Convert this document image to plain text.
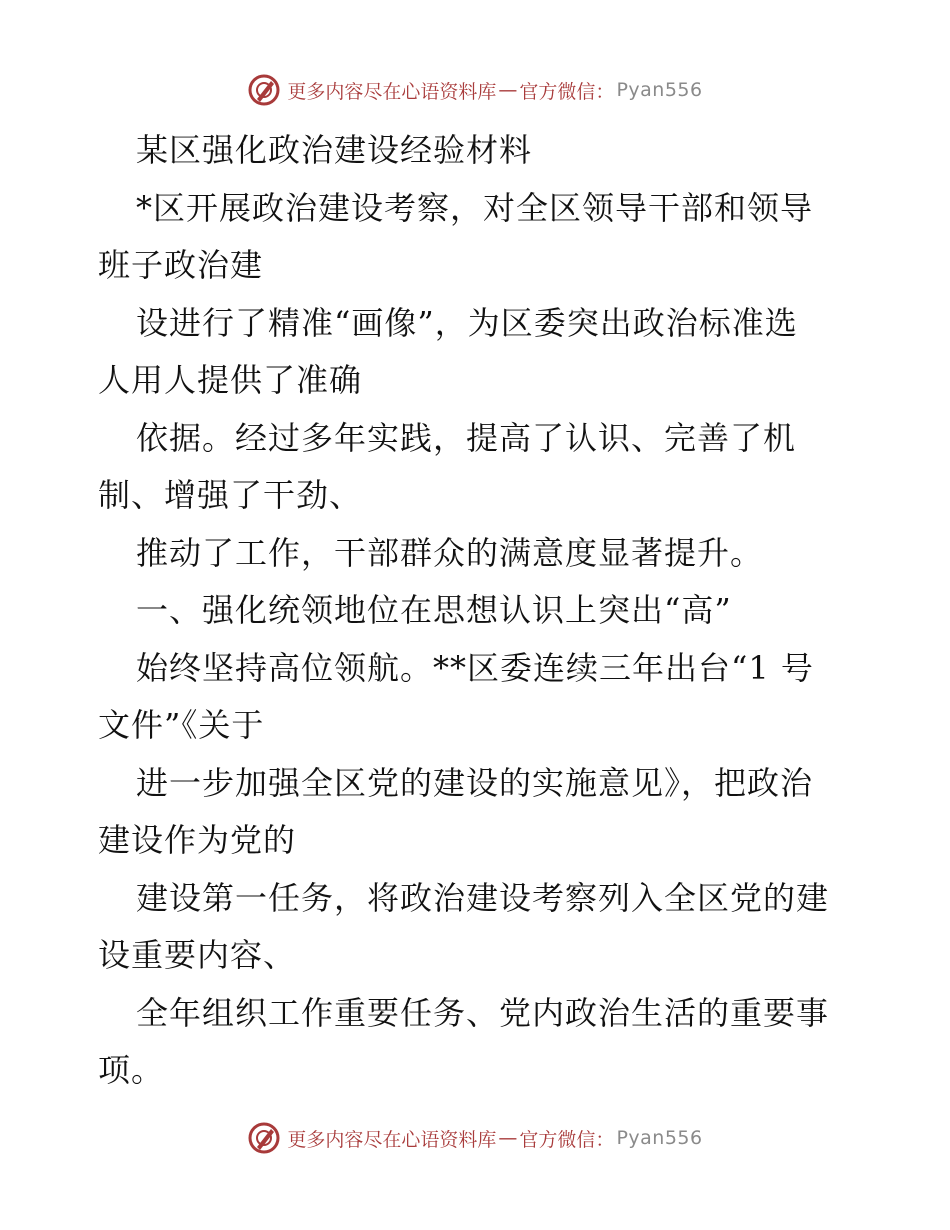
更多内容尽在心语资料库 — 官方微信： Pyan556
某区强化政治建设经验材料
*区开展政治建设考察，对全区领导干部和领导
班子政治建
设进行了精准“画像”，为区委突出政治标准选
人用人提供了准确
依据。经过多年实践，提高了认识、完善了机
制、增强了干劲、
推动了工作，干部群众的满意度显著提升。
一、强化统领地位在思想认识上突出“高”
始终坚持高位领航。**区委连续三年出台“1 号
文件”《关于
进一步加强全区党的建设的实施意见》，把政治
建设作为党的
建设第一任务，将政治建设考察列入全区党的建
设重要内容、
全年组织工作重要任务、党内政治生活的重要事
项。
更多内容尽在心语资料库 — 官方微信： Pyan556
